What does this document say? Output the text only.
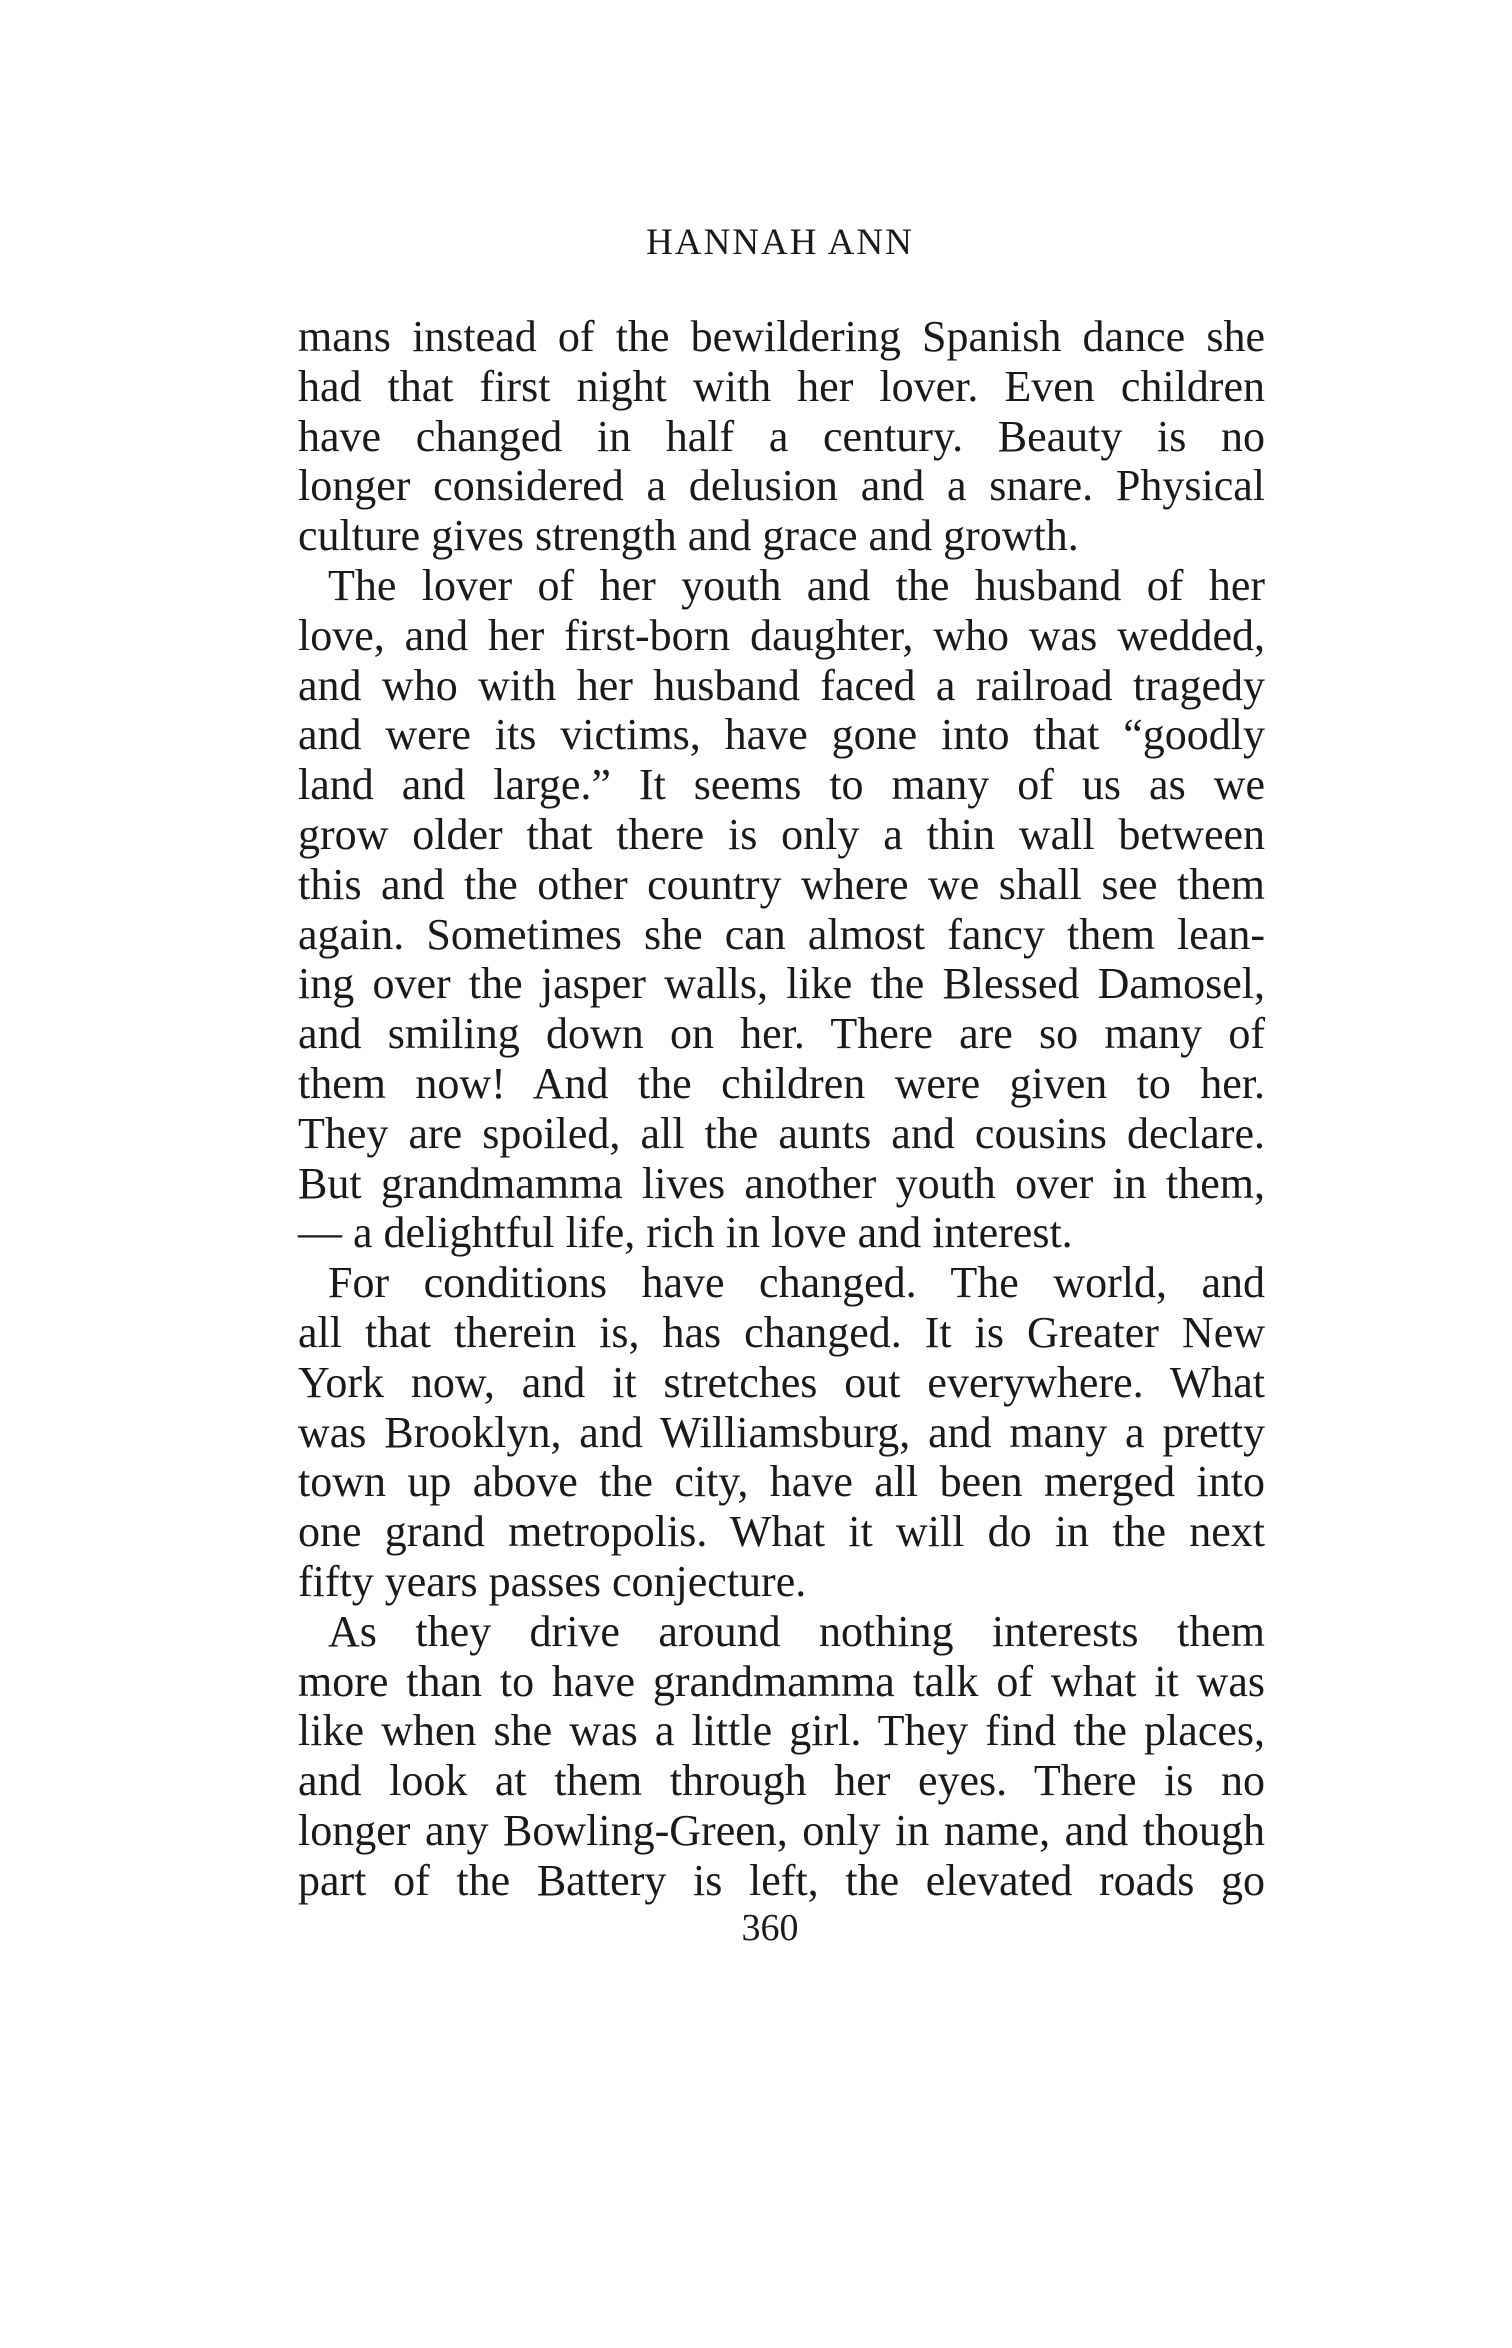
HANNAH ANN
mans instead of the bewildering Spanish dance she
had that first night with her lover. Even children
have changed in half a century. Beauty is no
longer considered a delusion and a snare. Physical
culture gives strength and grace and growth.
The lover of her youth and the husband of her
love, and her first-born daughter, who was wedded,
and who with her husband faced a railroad tragedy
and were its victims, have gone into that “goodly
land and large.” It seems to many of us as we
grow older that there is only a thin wall between
this and the other country where we shall see them
again. Sometimes she can almost fancy them lean-
ing over the jasper walls, like the Blessed Damosel,
and smiling down on her. There are so many of
them now! And the children were given to her.
They are spoiled, all the aunts and cousins declare.
But grandmamma lives another youth over in them,
— a delightful life, rich in love and interest.
For conditions have changed. The world, and
all that therein is, has changed. It is Greater New
York now, and it stretches out everywhere. What
was Brooklyn, and Williamsburg, and many a pretty
town up above the city, have all been merged into
one grand metropolis. What it will do in the next
fifty years passes conjecture.
As they drive around nothing interests them
more than to have grandmamma talk of what it was
like when she was a little girl. They find the places,
and look at them through her eyes. There is no
longer any Bowling-Green, only in name, and though
part of the Battery is left, the elevated roads go
360
